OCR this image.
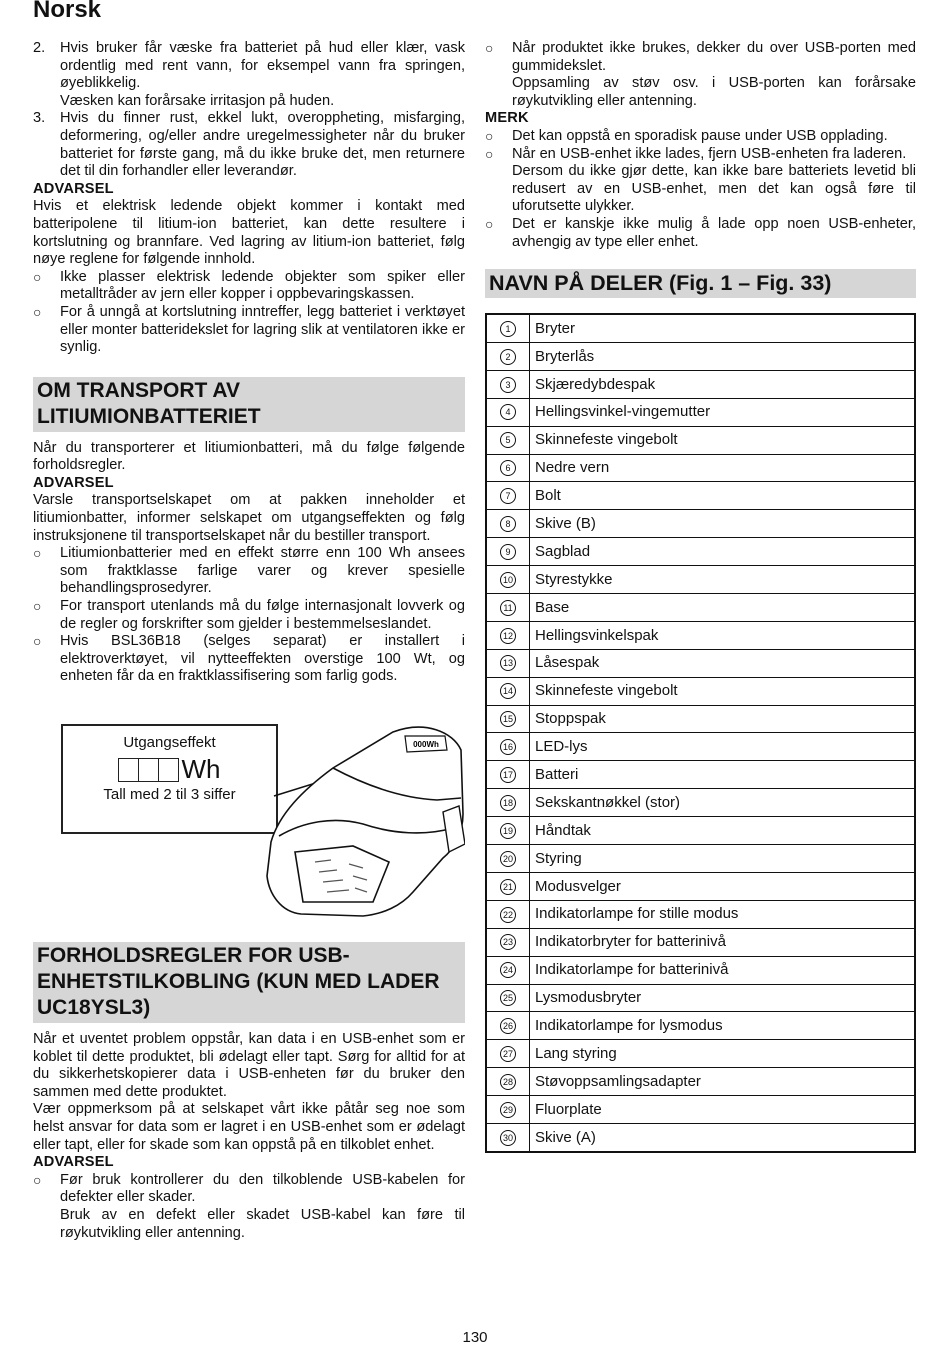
Norsk
2.	Hvis bruker får væske fra batteriet på hud eller klær, vask ordentlig med rent vann, for eksempel vann fra springen, øyeblikkelig.

Væsken kan forårsake irritasjon på huden.

3.	Hvis du finner rust, ekkel lukt, overoppheting, misfarging, deformering, og/eller andre uregelmessigheter når du bruker batteriet for første gang, må du ikke bruke det, men returnere det til din forhandler eller leverandør.

ADVARSEL

Hvis et elektrisk ledende objekt kommer i kontakt med batteripolene til litium-ion batteriet, kan dette resultere i kortslutning og brannfare. Ved lagring av litium-ion batteriet, følg nøye reglene for følgende innhold.

○	Ikke plasser elektrisk ledende objekter som spiker eller metalltråder av jern eller kopper i oppbevaringskassen.
○	For å unngå at kortslutning inntreffer, legg batteriet i verktøyet eller monter batteridekslet for lagring slik at ventilatoren ikke er synlig.
OM TRANSPORT AV LITIUMIONBATTERIET

Når du transporterer et litiumionbatteri, må du følge følgende forholdsregler.

ADVARSEL

Varsle transportselskapet om at pakken inneholder et litiumionbatter, informer selskapet om utgangseffekten og følg instruksjonene til transportselskapet når du bestiller transport.

○	Litiumionbatterier med en effekt større enn 100 Wh ansees som fraktklasse farlige varer og krever spesielle behandlingsprosedyrer.
○	For transport utenlands må du følge internasjonalt lovverk og de regler og forskrifter som gjelder i bestemmelseslandet.
○	Hvis BSL36B18 (selges separat) er installert i elektroverktøyet, vil nytteeffekten overstige 100 Wt, og enheten får da en fraktklassifisering som farlig gods.
Utgangseffekt
Wh
Tall med 2 til 3 siffer
000Wh
FORHOLDSREGLER FOR USB-ENHETSTILKOBLING (KUN MED LADER UC18YSL3)

Når et uventet problem oppstår, kan data i en USB-enhet som er koblet til dette produktet, bli ødelagt eller tapt. Sørg for alltid for at du sikkerhetskopierer data i USB-enheten før du bruker den sammen med dette produktet.

Vær oppmerksom på at selskapet vårt ikke påtår seg noe som helst ansvar for data som er lagret i en USB-enhet som er ødelagt eller tapt, eller for skade som kan oppstå på en tilkoblet enhet.

ADVARSEL
○	Før bruk kontrollerer du den tilkoblende USB-kabelen for defekter eller skader.

Bruk av en defekt eller skadet USB-kabel kan føre til røykutvikling eller antenning.

○	Når produktet ikke brukes, dekker du over USB-porten med gummidekslet.

Oppsamling av støv osv. i USB-porten kan forårsake røykutvikling eller antenning.

MERK
○	Det kan oppstå en sporadisk pause under USB opplading.

○	Når en USB-enhet ikke lades, fjern USB-enheten fra laderen.

Dersom du ikke gjør dette, kan ikke bare batteriets levetid bli redusert av en USB-enhet, men det kan også føre til uforutsette ulykker.

○	Det er kanskje ikke mulig å lade opp noen USB-enheter, avhengig av type eller enhet.

NAVN PÅ DELER (Fig. 1 – Fig. 33)
1	Bryter
2	Bryterlås
3	Skjæredybdespak
4	Hellingsvinkel-vingemutter
5	Skinnefeste vingebolt
6	Nedre vern
7	Bolt
8	Skive (B)
9	Sagblad
10	Styrestykke
11	Base
12	Hellingsvinkelspak
13	Låsespak
14	Skinnefeste vingebolt
15	Stoppspak
16	LED-lys
17	Batteri
18	Sekskantnøkkel (stor)
19	Håndtak
20	Styring
21	Modusvelger
22	Indikatorlampe for stille modus
23	Indikatorbryter for batterinivå
24	Indikatorlampe for batterinivå
25	Lysmodusbryter
26	Indikatorlampe for lysmodus
27	Lang styring
28	Støvoppsamlingsadapter
29	Fluorplate
30	Skive (A)
130
